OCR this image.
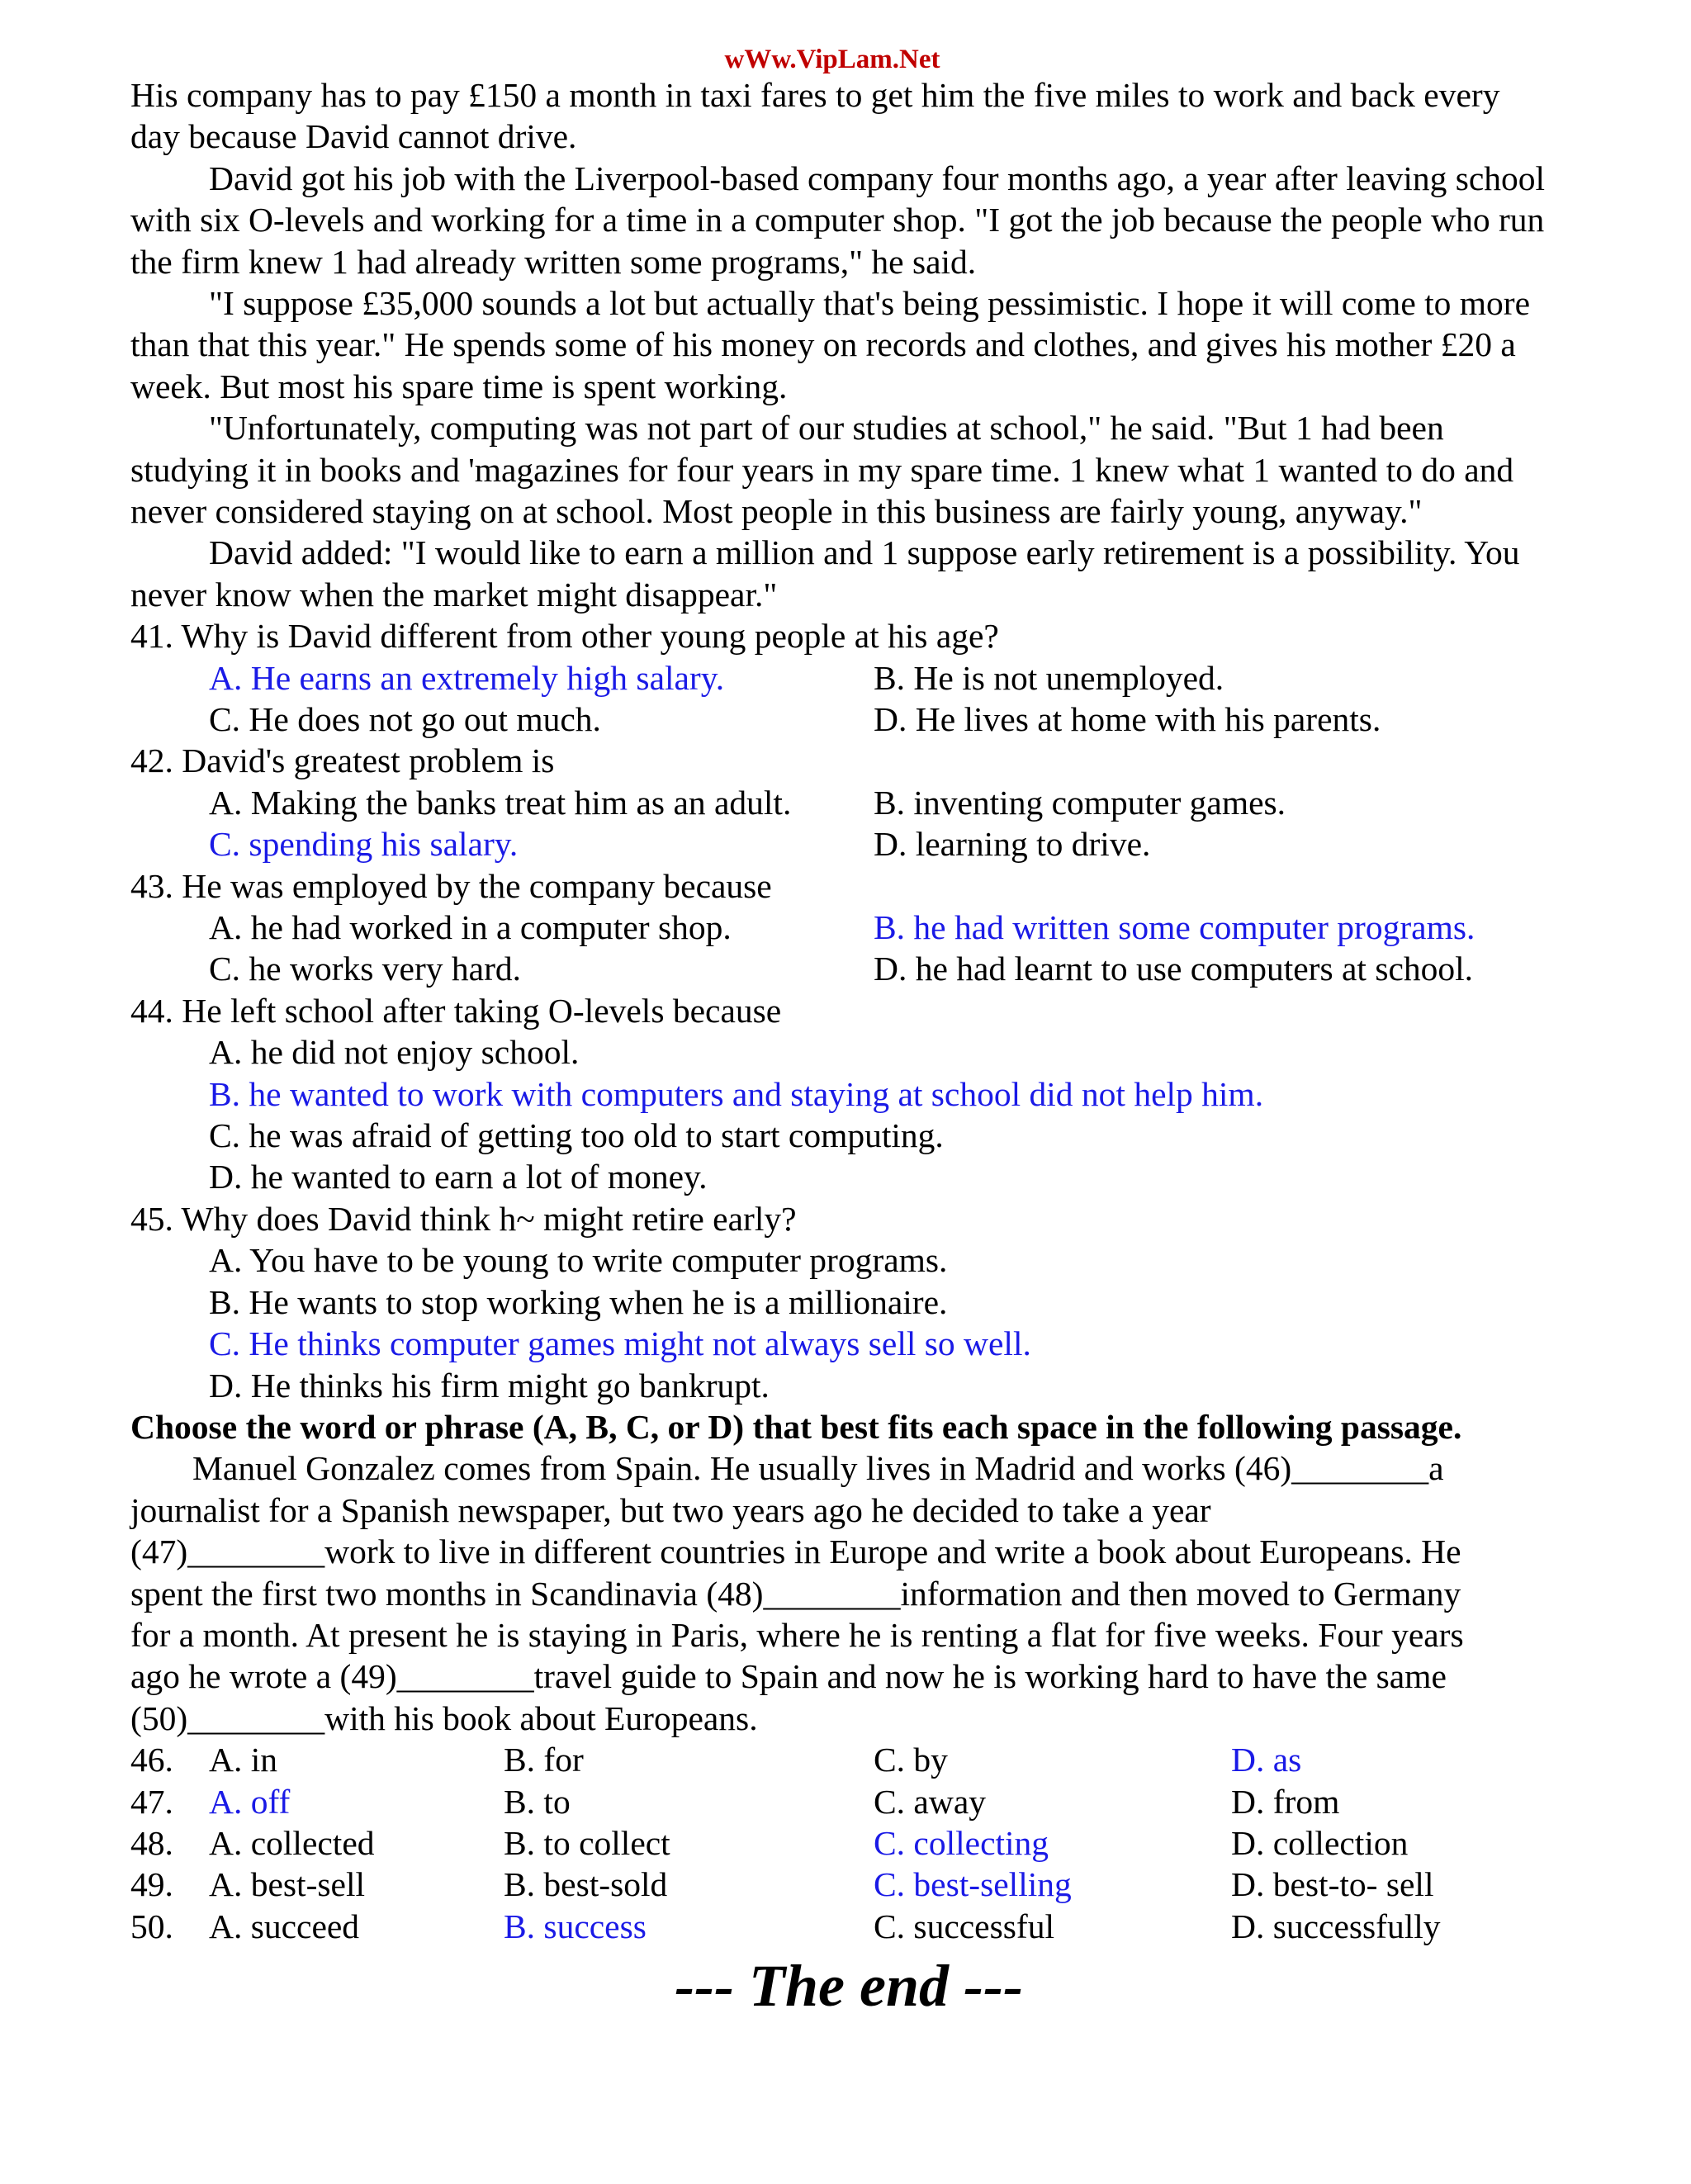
wWw.VipLam.Net

His company has to pay £150 a month in taxi fares to get him the five miles to work and back every day because David cannot drive.

David got his job with the Liverpool-based company four months ago, a year after leaving school with six O-levels and working for a time in a computer shop. "I got the job because the people who run the firm knew 1 had already written some programs," he said.

"I suppose £35,000 sounds a lot but actually that's being pessimistic. I hope it will come to more than that this year." He spends some of his money on records and clothes, and gives his mother £20 a week. But most his spare time is spent working.

"Unfortunately, computing was not part of our studies at school," he said. "But 1 had been studying it in books and 'magazines for four years in my spare time. 1 knew what 1 wanted to do and never considered staying on at school. Most people in this business are fairly young, anyway."

David added: "I would like to earn a million and 1 suppose early retirement is a possibility. You never know when the market might disappear."

41. Why is David different from other young people at his age?

A. He earns an extremely high salary.	B. He is not unemployed.
C. He does not go out much.	D. He lives at home with his parents.

42. David's greatest problem is

A. Making the banks treat him as an adult. B. inventing computer games.
C. spending his salary.	D. learning to drive.

43. He was employed by the company because

A. he had worked in a computer shop.	B. he had written some computer programs.
C. he works very hard.	D. he had learnt to use computers at school.

44. He left school after taking O-levels because

A. he did not enjoy school.

B. he wanted to work with computers and staying at school did not help him.

C. he was afraid of getting too old to start computing.

D. he wanted to earn a lot of money.

45. Why does David think h~ might retire early?

A. You have to be young to write computer programs.

B. He wants to stop working when he is a millionaire.

C. He thinks computer games might not always sell so well.

D. He thinks his firm might go bankrupt.

Choose the word or phrase (A, B, C, or D) that best fits each space in the following passage.

Manuel Gonzalez comes from Spain. He usually lives in Madrid and works (46)________a

journalist for a Spanish newspaper, but two years ago he decided to take a year

(47)________work to live in different countries in Europe and write a book about Europeans. He

spent the first two months in Scandinavia (48)________information and then moved to Germany

for a month. At present he is staying in Paris, where he is renting a flat for five weeks. Four years

ago he wrote a (49)________travel guide to Spain and now he is working hard to have the same

(50)________with his book about Europeans.

46. A. in	B. for	C. by	D. as
47. A. off	B. to	C. away	D. from
48. A. collected	B. to collect	C. collecting	D. collection
49. A. best-sell	B. best-sold	C. best-selling	D. best-to- sell
50. A. succeed	B. success	C. successful	D. successfully
--- The end ---
